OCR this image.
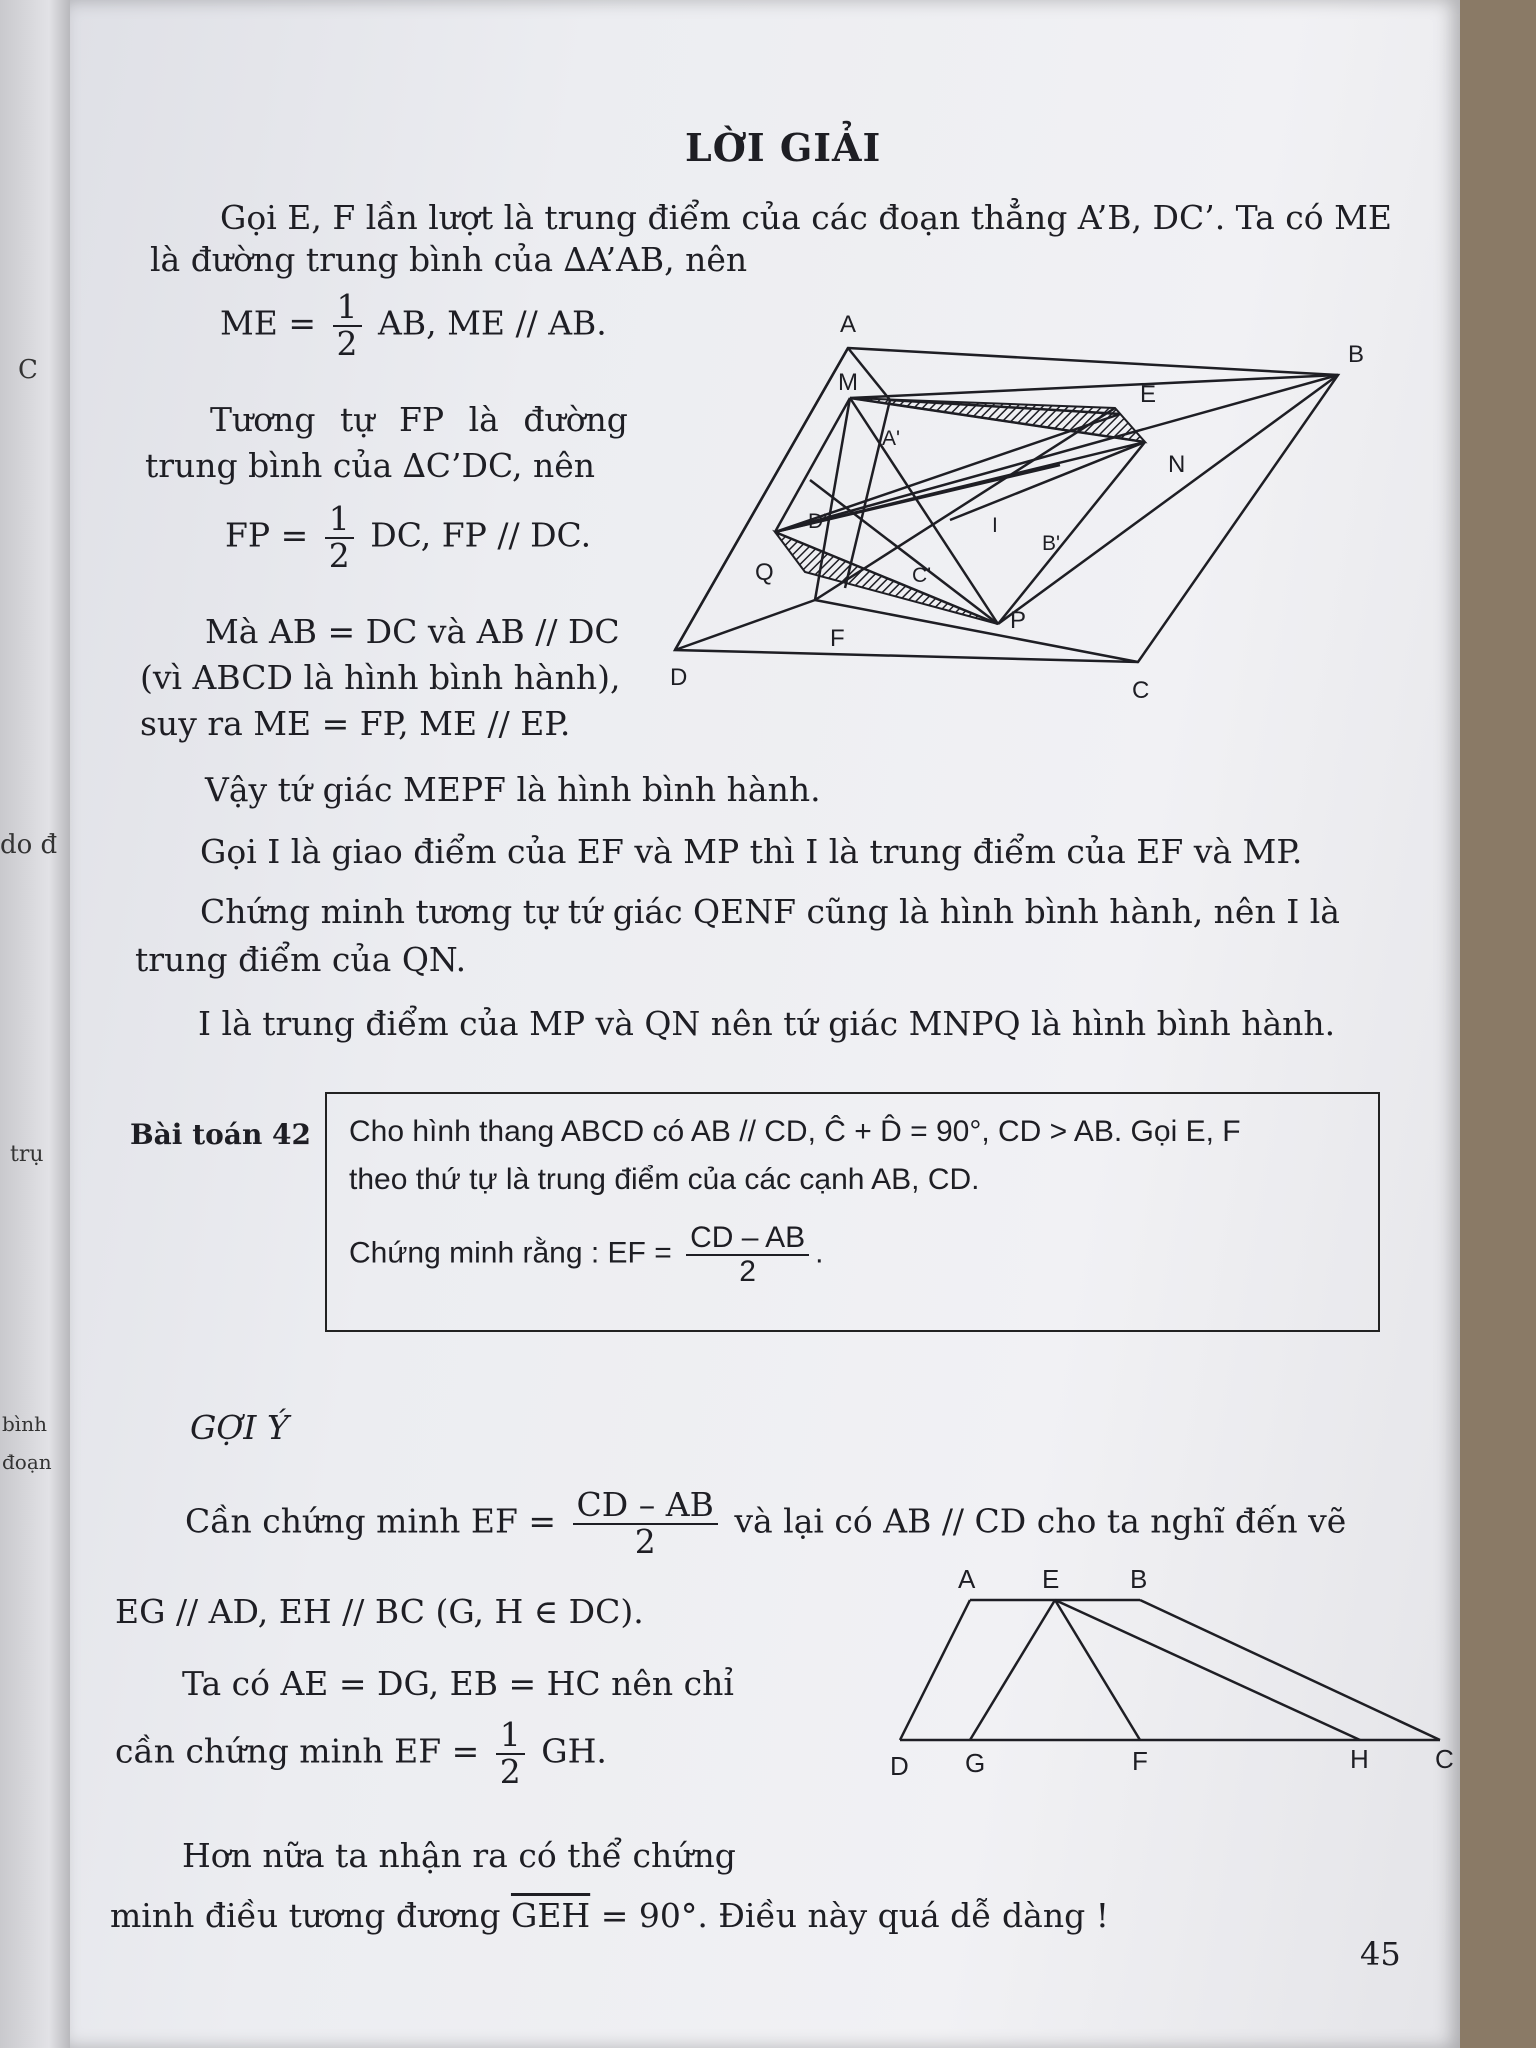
C
do đ
trụ
bình
đoạn
LỜI GIẢI
Gọi E, F lần lượt là trung điểm của các đoạn thẳng A’B, DC’. Ta có ME
là đường trung bình của ∆A’AB, nên
ME = $\frac{1}{2}$ AB, ME // AB.
Tương tự FP là đường
trung bình của ∆C’DC, nên
FP = $\frac{1}{2}$ DC, FP // DC.
Mà AB = DC và AB // DC
(vì ABCD là hình bình hành),
suy ra ME = FP, ME // EP.
Vậy tứ giác MEPF là hình bình hành.
Gọi I là giao điểm của EF và MP thì I là trung điểm của EF và MP.
Chứng minh tương tự tứ giác QENF cũng là hình bình hành, nên I là
trung điểm của QN.
I là trung điểm của MP và QN nên tứ giác MNPQ là hình bình hành.
A
B
C
D
M	E
N
P
Q
F
A'
B'
C'
D'	I
Bài toán 42 Cho hình thang ABCD có AB // CD, Ĉ + D̂ = 90°, CD > AB. Gọi E, F
theo thứ tự là trung điểm của các cạnh AB, CD.
Chứng minh rằng : EF = $\frac{CD - AB}{2}$ .
GỢI Ý
Cần chứng minh EF = $\frac{CD - AB}{2}$ và lại có AB // CD cho ta nghĩ đến vẽ
EG // AD, EH // BC (G, H ∈ DC).
Ta có AE = DG, EB = HC nên chỉ
cần chứng minh EF = $\frac{1}{2}$ GH.
Hơn nữa ta nhận ra có thể chứng
minh điều tương đương $\overline{GEH} = 90^\circ$. Điều này quá dễ dàng !
A	E	B
D G	F	H	C
45
